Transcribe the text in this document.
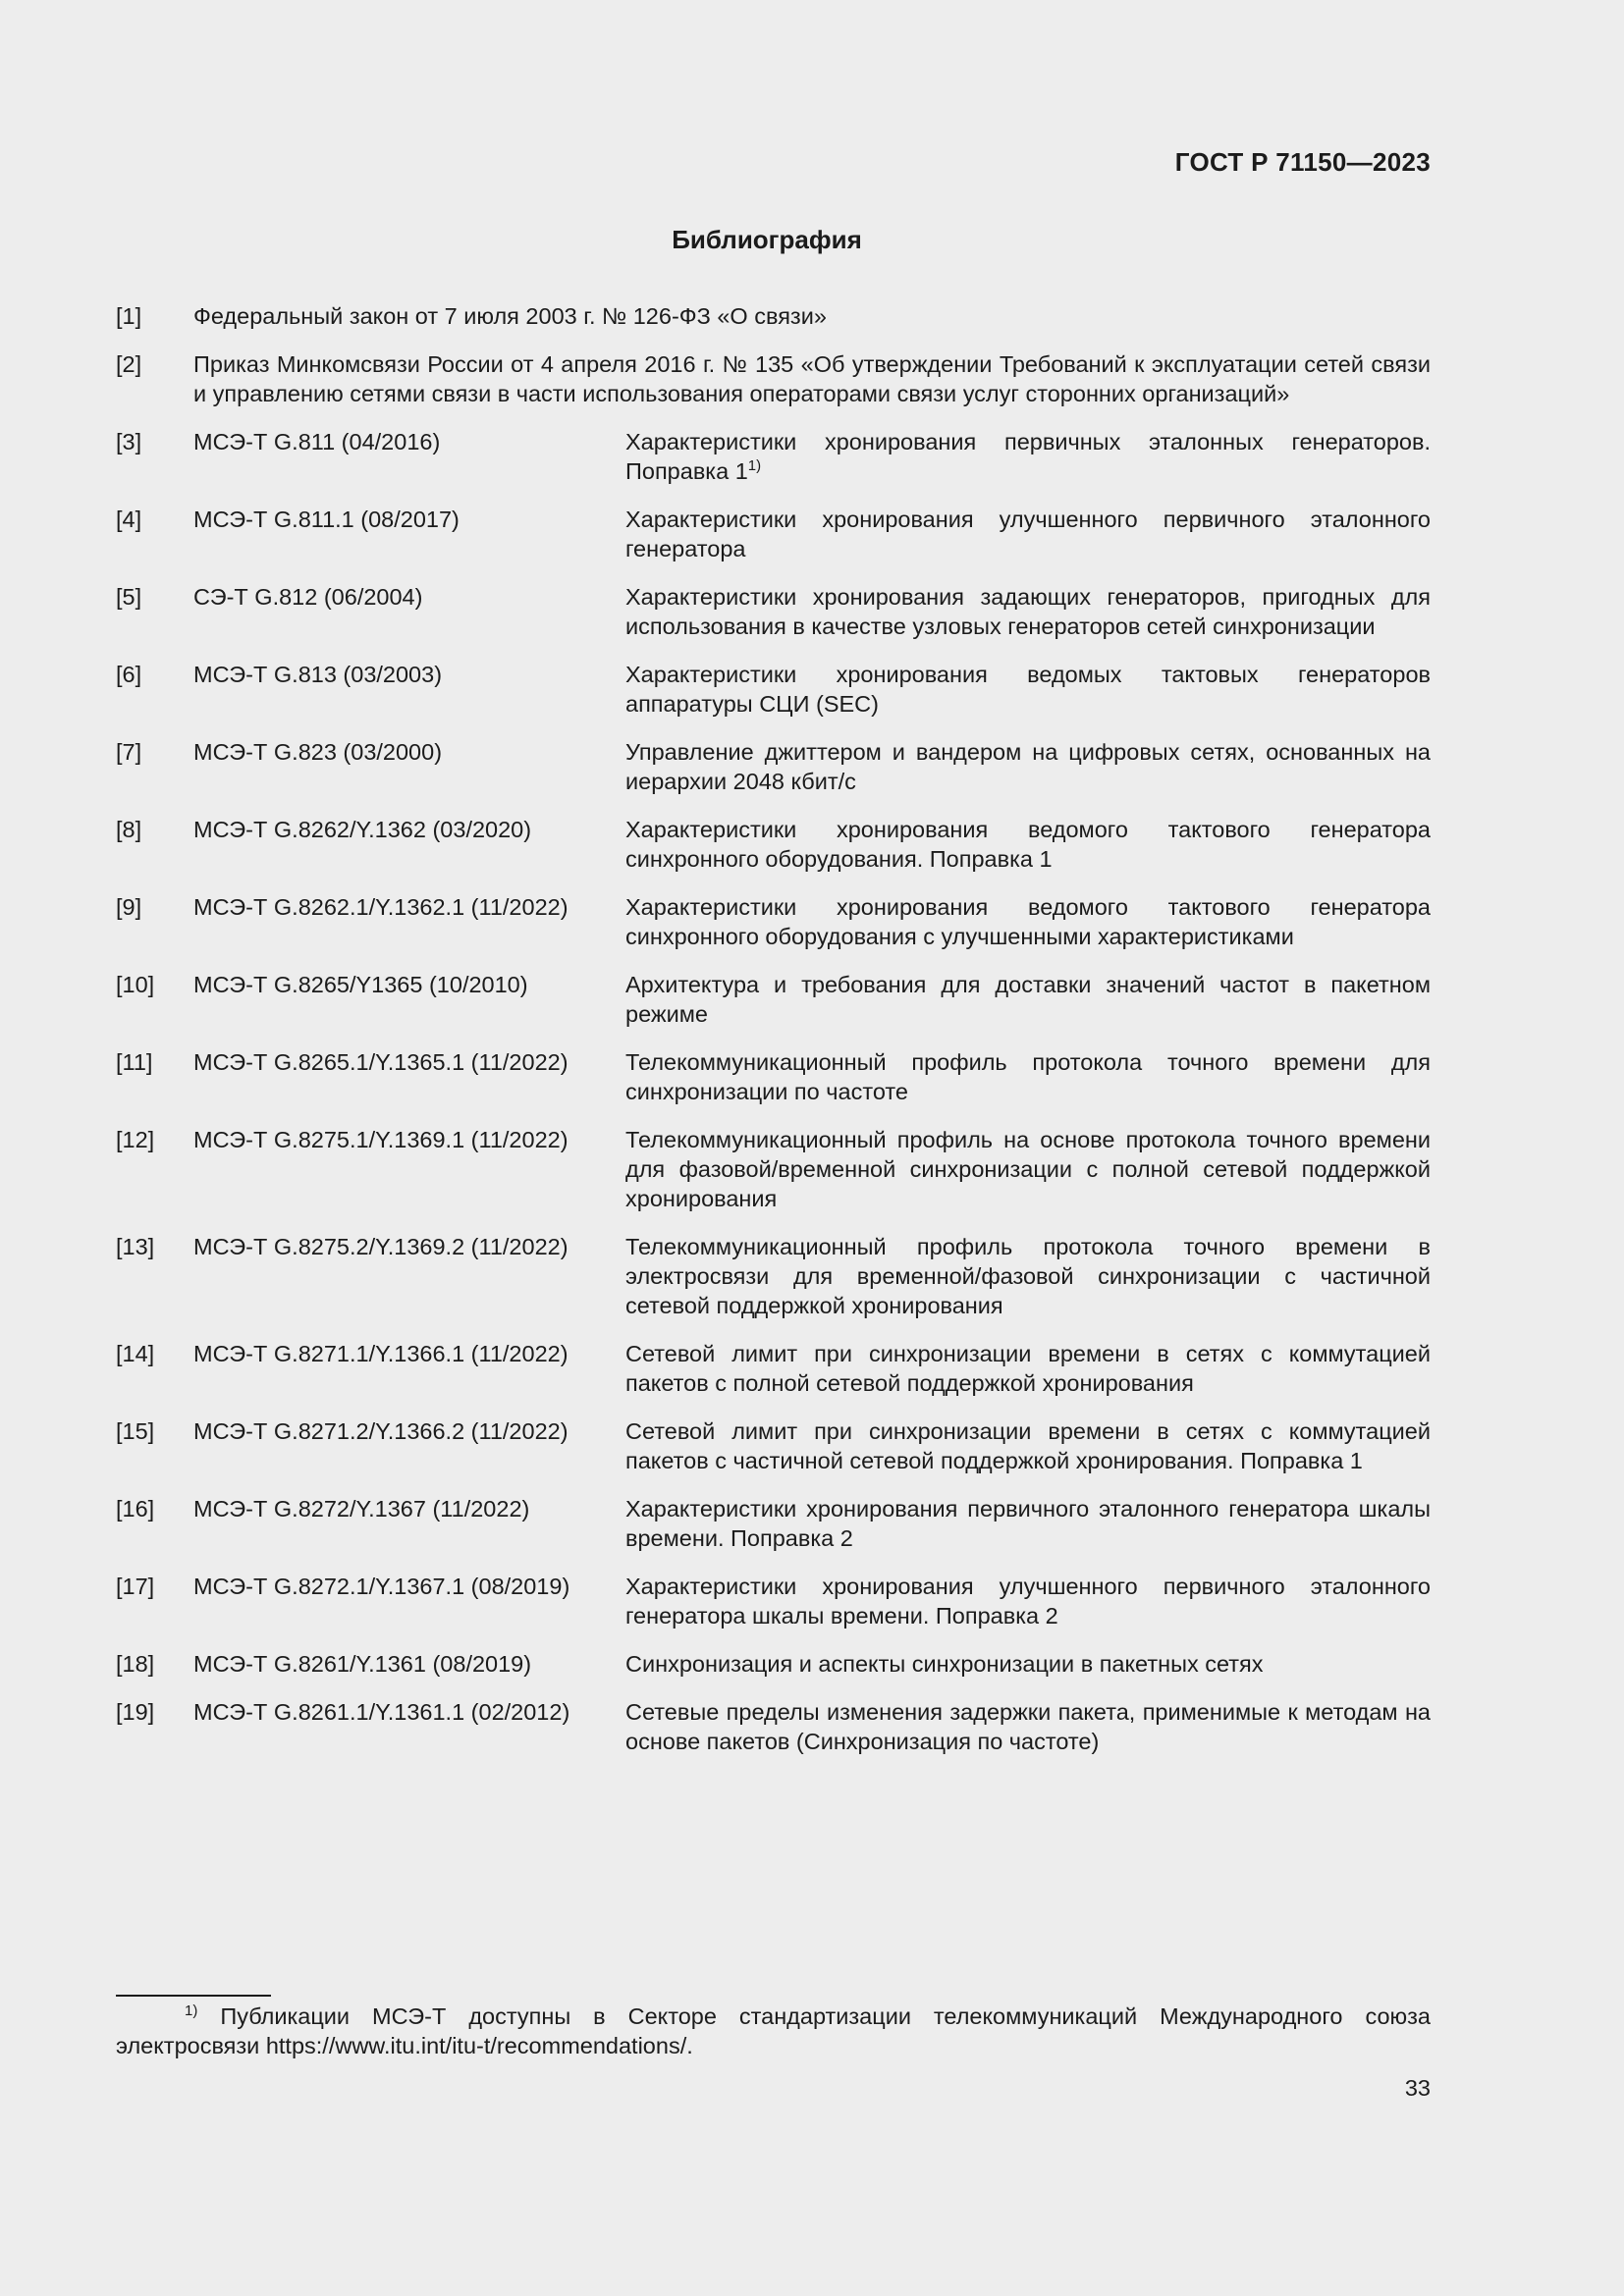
ГОСТ Р 71150—2023
Библиография
[1]	Федеральный закон от 7 июля 2003 г. № 126-ФЗ «О связи»
[2]	Приказ Минкомсвязи России от 4 апреля 2016 г. № 135 «Об утверждении Требований к эксплуатации сетей связи и управлению сетями связи в части использования операторами связи услуг сторонних организаций»
[3]	МСЭ-Т G.811 (04/2016)	Характеристики хронирования первичных эталонных генераторов. Поправка 1$^{1)}$
[4]	МСЭ-Т G.811.1 (08/2017)	Характеристики хронирования улучшенного первичного эталонного генератора
[5]	СЭ-Т G.812 (06/2004)	Характеристики хронирования задающих генераторов, пригодных для использования в качестве узловых генераторов сетей синхронизации
[6]	МСЭ-Т G.813 (03/2003)	Характеристики хронирования ведомых тактовых генераторов аппаратуры СЦИ (SEC)
[7]	МСЭ-Т G.823 (03/2000)	Управление джиттером и вандером на цифровых сетях, основанных на иерархии 2048 кбит/с
[8]	МСЭ-Т G.8262/Y.1362 (03/2020)	Характеристики хронирования ведомого тактового генератора синхронного оборудования. Поправка 1
[9]	МСЭ-Т G.8262.1/Y.1362.1 (11/2022)	Характеристики хронирования ведомого тактового генератора синхронного оборудования с улучшенными характеристиками
[10]	МСЭ-Т G.8265/Y1365 (10/2010)	Архитектура и требования для доставки значений частот в пакетном режиме
[11]	МСЭ-Т G.8265.1/Y.1365.1 (11/2022)	Телекоммуникационный профиль протокола точного времени для синхронизации по частоте
[12]	МСЭ-Т G.8275.1/Y.1369.1 (11/2022)	Телекоммуникационный профиль на основе протокола точного времени для фазовой/временной синхронизации с полной сетевой поддержкой хронирования
[13]	МСЭ-Т G.8275.2/Y.1369.2 (11/2022)	Телекоммуникационный профиль протокола точного времени в электросвязи для временной/фазовой синхронизации с частичной сетевой поддержкой хронирования
[14]	МСЭ-Т G.8271.1/Y.1366.1 (11/2022)	Сетевой лимит при синхронизации времени в сетях с коммутацией пакетов с полной сетевой поддержкой хронирования
[15]	МСЭ-Т G.8271.2/Y.1366.2 (11/2022)	Сетевой лимит при синхронизации времени в сетях с коммутацией пакетов с частичной сетевой поддержкой хронирования. Поправка 1
[16]	МСЭ-Т G.8272/Y.1367 (11/2022)	Характеристики хронирования первичного эталонного генератора шкалы времени. Поправка 2
[17]	МСЭ-Т G.8272.1/Y.1367.1 (08/2019)	Характеристики хронирования улучшенного первичного эталонного генератора шкалы времени. Поправка 2
[18]	МСЭ-Т G.8261/Y.1361 (08/2019)	Синхронизация и аспекты синхронизации в пакетных сетях
[19]	МСЭ-Т G.8261.1/Y.1361.1 (02/2012)	Сетевые пределы изменения задержки пакета, применимые к методам на основе пакетов (Синхронизация по частоте)
$^{1)}$ Публикации МСЭ-Т доступны в Секторе стандартизации телекоммуникаций Международного союза электросвязи https://www.itu.int/itu-t/recommendations/.
33
